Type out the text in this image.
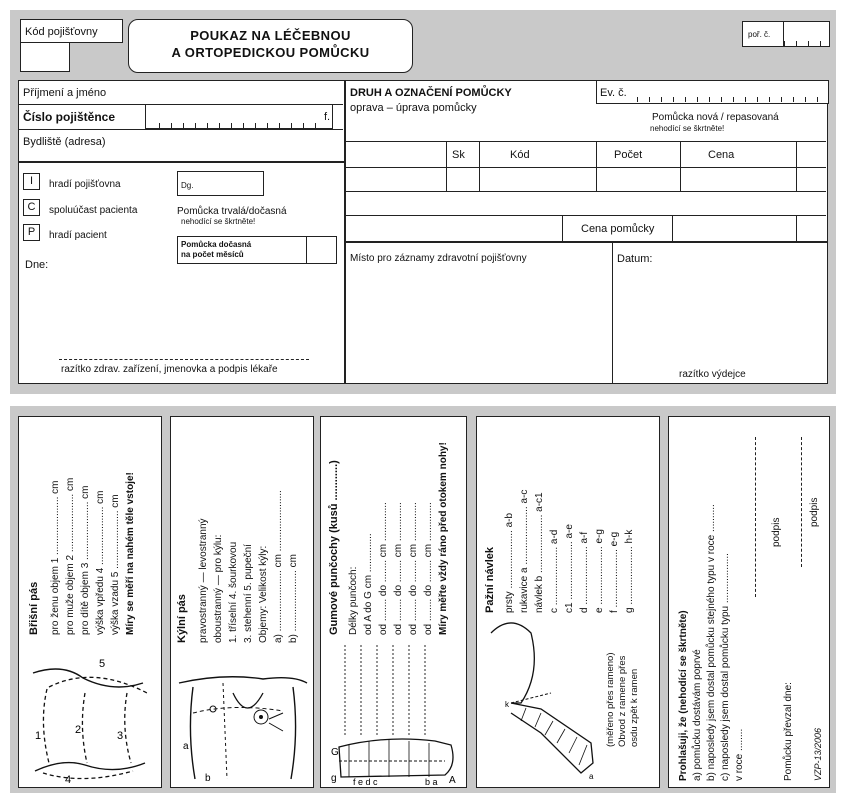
Kód pojišťovny	POUKAZ NA LÉČEBNOU
A ORTOPEDICKOU POMŮCKU
poř. č.
Příjmení a jméno
Číslo pojištěnce	f.
Bydliště (adresa)
I	hradí pojišťovna
C	spoluúčast pacienta
P	hradí pacient
Dg.
Pomůcka trvalá/dočasná
nehodící se škrtněte!
Pomůcka dočasná
na počet měsíců
Dne:
razítko zdrav. zařízení, jmenovka a podpis lékaře
DRUH A OZNAČENÍ POMŮCKY
oprava – úprava pomůcky
Ev. č.
Pomůcka nová / repasovaná
nehodící se škrtněte!
Sk	Kód	Počet	Cena
Cena pomůcky
Místo pro záznamy zdravotní pojišťovny	Datum:
razítko výdejce
Břišní pás pro ženu objem 1 ..................... cm pro muže objem 2 ..................... cm pro dítě objem 3 ..................... cm výška vpředu 4 ..................... cm výška vzadu 5 ..................... cm Míry se měří na nahém těle vstoje!
1	2	3
4
5
Kýlní pás pravostranný — levostranný oboustranný — pro kýlu: 1. tříselní 4. šourkovou 3. stehenní 5. pupeční Objemy: Velikost kýly: a) ...................... cm ...................... b) ...................... cm
a
b
Gumové punčochy (kusů ............) Délky punčoch: od A do G cm .............. od ........ do ........ cm .............. od ........ do ........ cm .............. od ........ do ........ cm .............. od ........ do ........ cm .............. Míry měřte vždy ráno před otokem nohy!
g
G
A
f e d c	b a
Pažní návlek prsty ..................... a-b rukavice a ..................... a-c návlek b ..................... a-c1 c ..................... a-d c1 ..................... a-e d ..................... a-f e ..................... e-g f ..................... e-g g ..................... h-k
k
a
(měřeno přes rameno) Obvod z ramene přes osdu zpět k ramen	Prohlašuji, že (nehodící se škrtněte) a) pomůcku dostávám poprvé b) naposledy jsem dostal pomůcku stejného typu v roce .......... c) naposledy jsem dostal pomůcku typu .................. v roce ........
podpis
podpis
Pomůcku převzal dne: VZP-13/2006
